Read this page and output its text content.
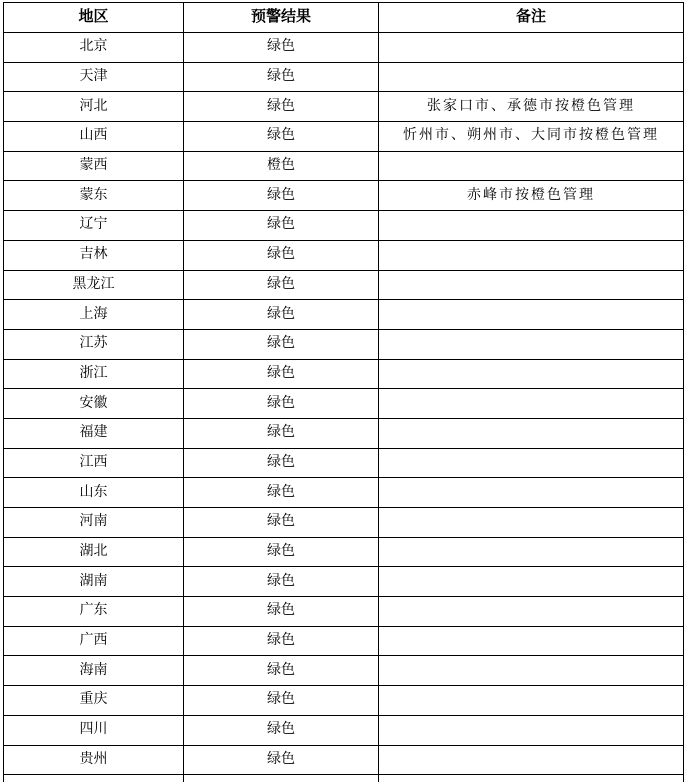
地区	预警结果	备注
北京	绿色	
天津	绿色	
河北	绿色	张家口市、承德市按橙色管理
山西	绿色	忻州市、朔州市、大同市按橙色管理
蒙西	橙色	
蒙东	绿色	赤峰市按橙色管理
辽宁	绿色	
吉林	绿色	
黑龙江	绿色	
上海	绿色	
江苏	绿色	
浙江	绿色	
安徽	绿色	
福建	绿色	
江西	绿色	
山东	绿色	
河南	绿色	
湖北	绿色	
湖南	绿色	
广东	绿色	
广西	绿色	
海南	绿色	
重庆	绿色	
四川	绿色	
贵州	绿色	
